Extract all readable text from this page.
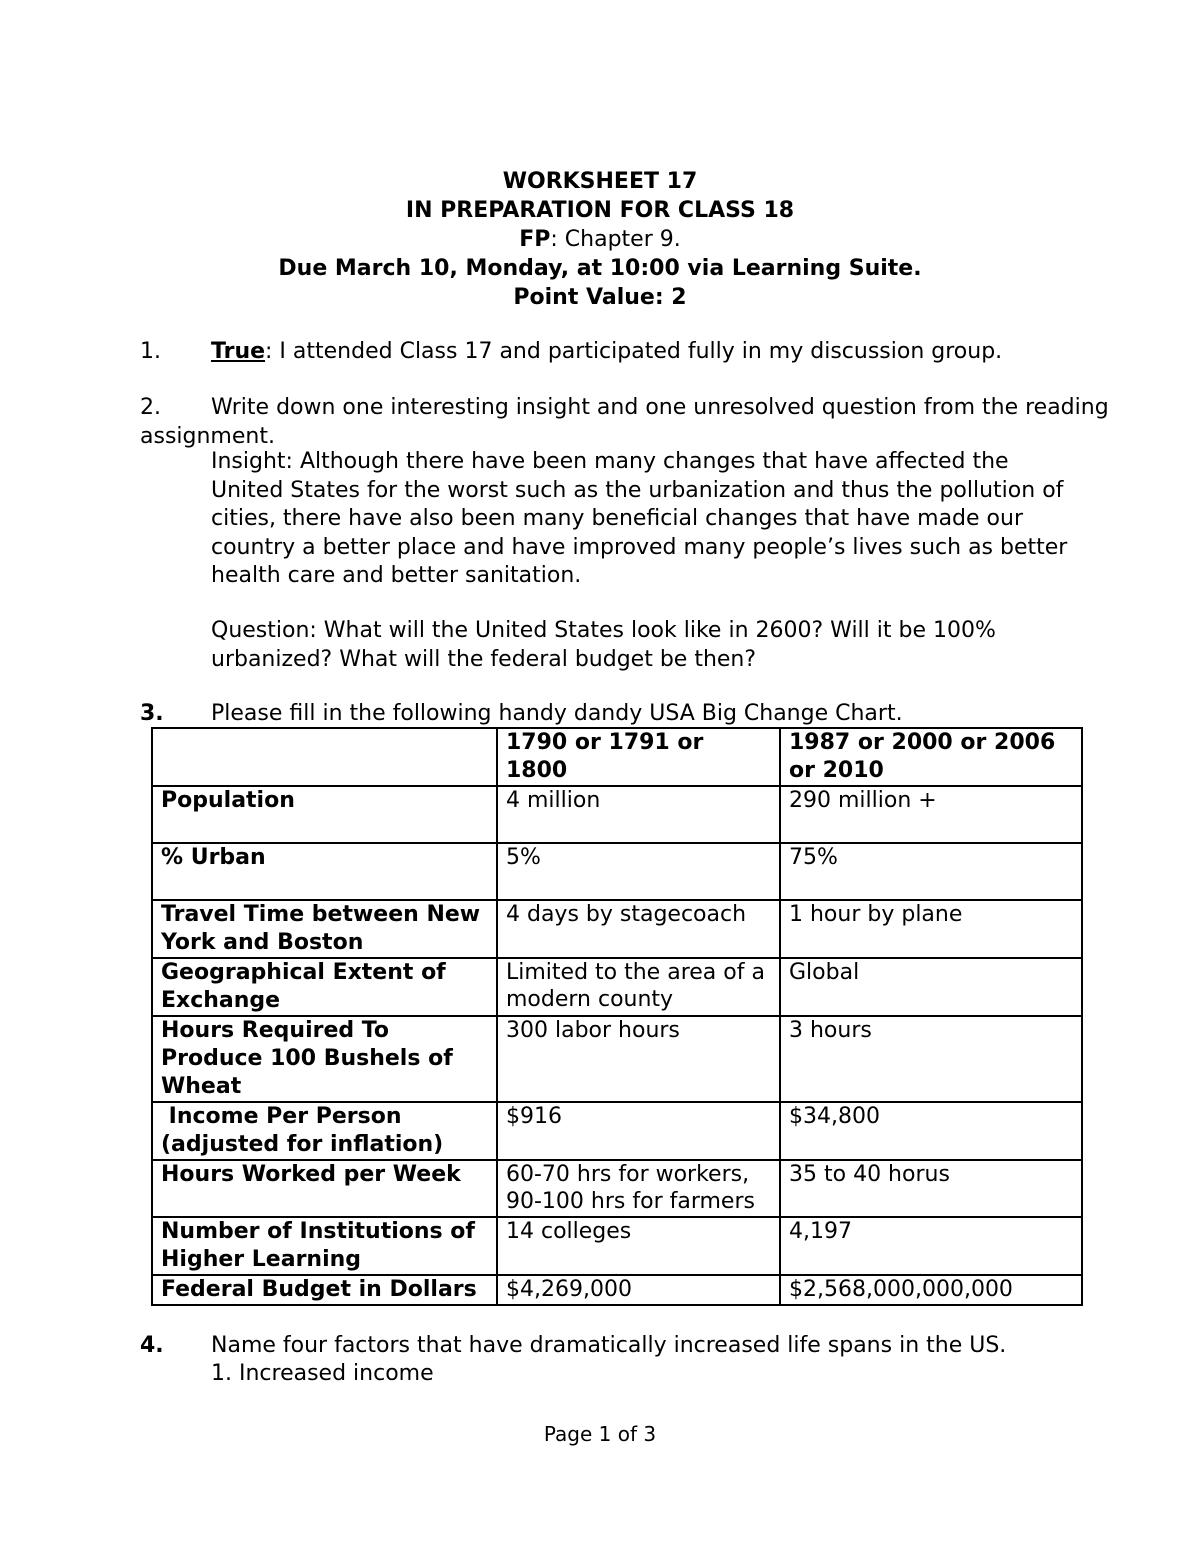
WORKSHEET 17
IN PREPARATION FOR CLASS 18
FP: Chapter 9.
Due March 10, Monday, at 10:00 via Learning Suite.
Point Value: 2
1. True: I attended Class 17 and participated fully in my discussion group.
2. Write down one interesting insight and one unresolved question from the reading
assignment.
Insight: Although there have been many changes that have affected the United States for the worst such as the urbanization and thus the pollution of cities, there have also been many beneficial changes that have made our country a better place and have improved many people’s lives such as better health care and better sanitation.
Question: What will the United States look like in 2600? Will it be 100% urbanized? What will the federal budget be then?
3. Please fill in the following handy dandy USA Big Change Chart.
	1790 or 1791 or 1800	1987 or 2000 or 2006 or 2010
Population	4 million	290 million +
% Urban	5%	75%
Travel Time between New York and Boston	4 days by stagecoach	1 hour by plane
Geographical Extent of Exchange	Limited to the area of a modern county	Global
Hours Required To Produce 100 Bushels of Wheat	300 labor hours	3 hours
Income Per Person (adjusted for inflation)	$916	$34,800
Hours Worked per Week	60-70 hrs for workers, 90-100 hrs for farmers	35 to 40 horus
Number of Institutions of Higher Learning	14 colleges	4,197
Federal Budget in Dollars	$4,269,000	$2,568,000,000,000
4. Name four factors that have dramatically increased life spans in the US.
1. Increased income
Page 1 of 3
